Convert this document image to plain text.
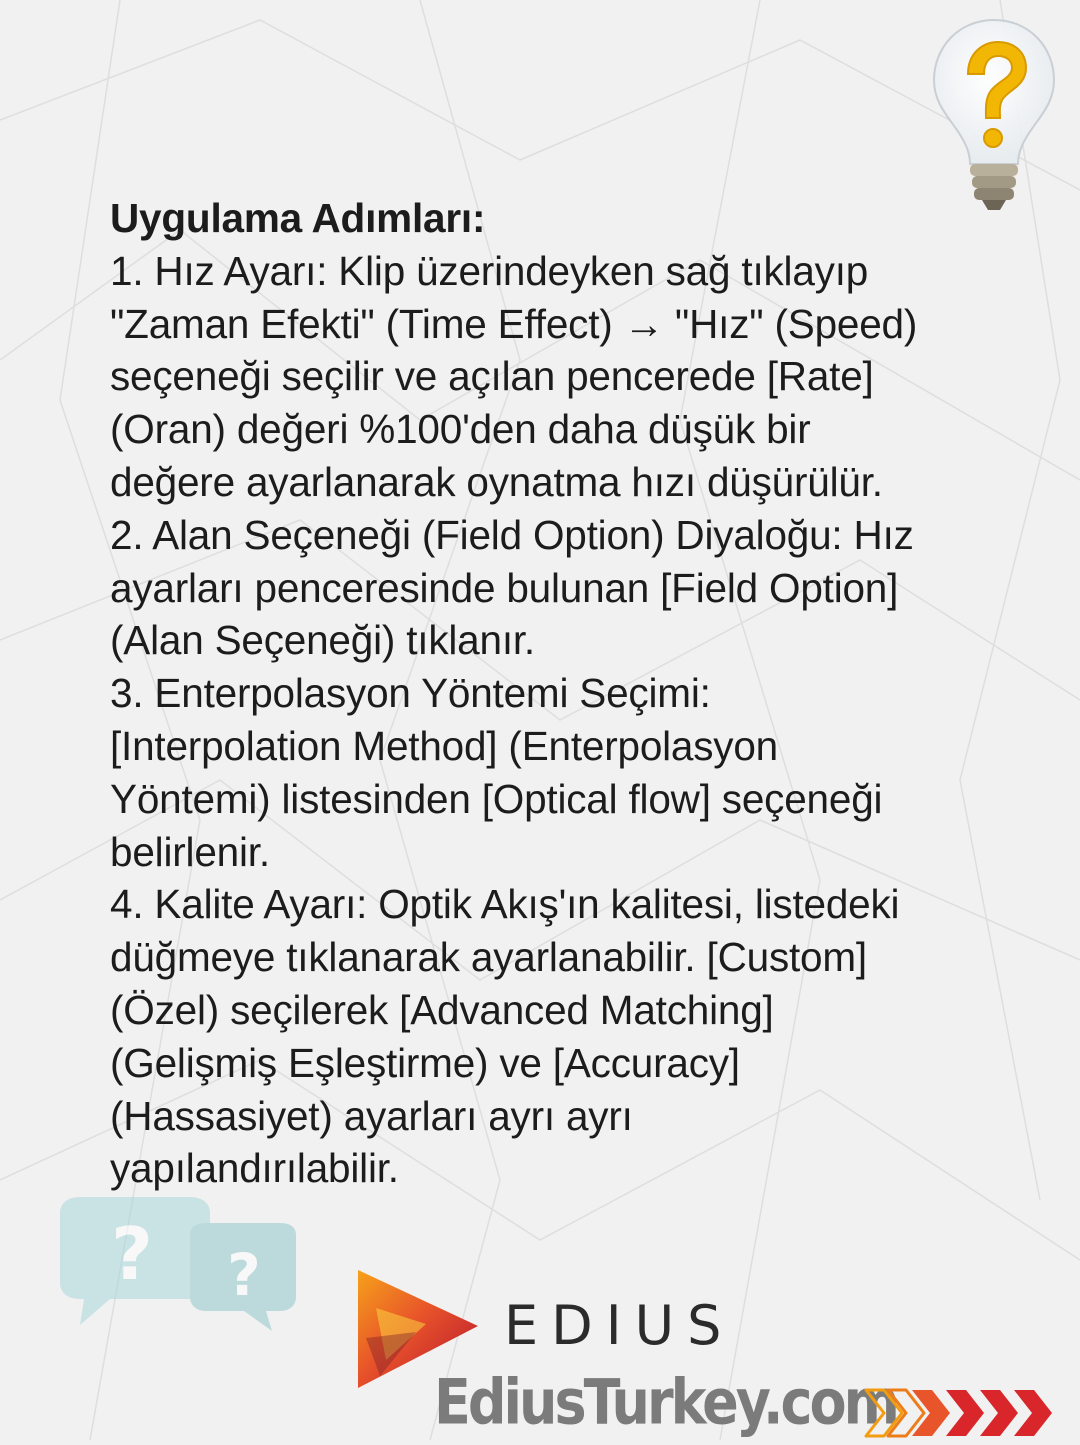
Uygulama Adımları:
1. Hız Ayarı: Klip üzerindeyken sağ tıklayıp
"Zaman Efekti" (Time Effect) → "Hız" (Speed)
seçeneği seçilir ve açılan pencerede [Rate]
(Oran) değeri %100'den daha düşük bir
değere ayarlanarak oynatma hızı düşürülür.
2. Alan Seçeneği (Field Option) Diyaloğu: Hız
ayarları penceresinde bulunan [Field Option]
(Alan Seçeneği) tıklanır.
3. Enterpolasyon Yöntemi Seçimi:
[Interpolation Method] (Enterpolasyon
Yöntemi) listesinden [Optical flow] seçeneği
belirlenir.
4. Kalite Ayarı: Optik Akış'ın kalitesi, listedeki
düğmeye tıklanarak ayarlanabilir. [Custom]
(Özel) seçilerek [Advanced Matching]
(Gelişmiş Eşleştirme) ve [Accuracy]
(Hassasiyet) ayarları ayrı ayrı
yapılandırılabilir.
? ?
EDIUS
EdiusTurkey.com
